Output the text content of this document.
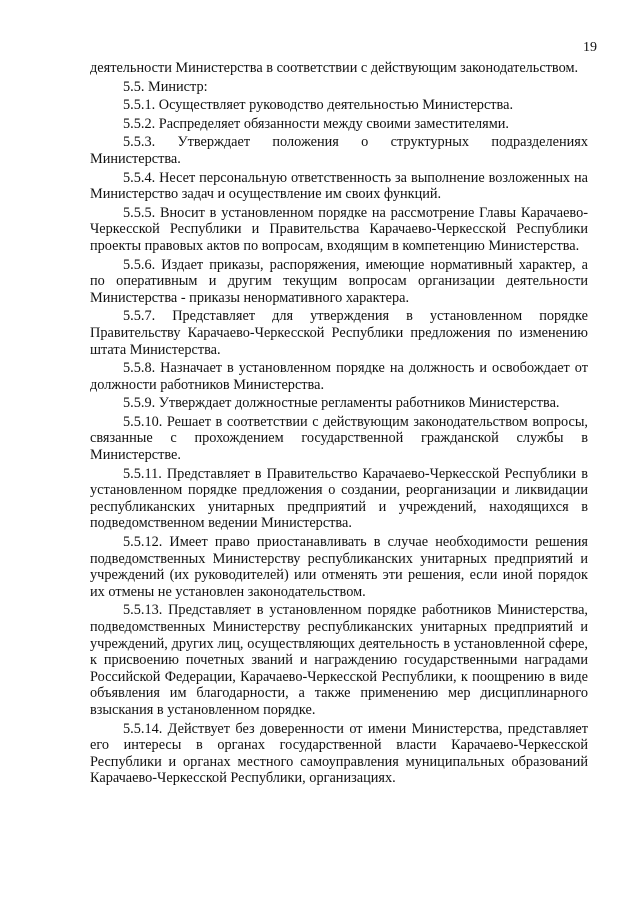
19

деятельности Министерства в соответствии с действующим законодательством.

5.5. Министр:

5.5.1. Осуществляет руководство деятельностью Министерства.

5.5.2. Распределяет обязанности между своими заместителями.

5.5.3. Утверждает положения о структурных подразделениях Министерства.

5.5.4. Несет персональную ответственность за выполнение возложенных на Министерство задач и осуществление им своих функций.

5.5.5. Вносит в установленном порядке на рассмотрение Главы Карачаево-Черкесской Республики и Правительства Карачаево-Черкесской Республики проекты правовых актов по вопросам, входящим в компетенцию Министерства.

5.5.6. Издает приказы, распоряжения, имеющие нормативный характер, а по оперативным и другим текущим вопросам организации деятельности Министерства - приказы ненормативного характера.

5.5.7. Представляет для утверждения в установленном порядке Правительству Карачаево-Черкесской Республики предложения по изменению штата Министерства.

5.5.8. Назначает в установленном порядке на должность и освобождает от должности работников Министерства.

5.5.9. Утверждает должностные регламенты работников Министерства.

5.5.10. Решает в соответствии с действующим законодательством вопросы, связанные с прохождением государственной гражданской службы в Министерстве.

5.5.11. Представляет в Правительство Карачаево-Черкесской Республики в установленном порядке предложения о создании, реорганизации и ликвидации республиканских унитарных предприятий и учреждений, находящихся в подведомственном ведении Министерства.

5.5.12. Имеет право приостанавливать в случае необходимости решения подведомственных Министерству республиканских унитарных предприятий и учреждений (их руководителей) или отменять эти решения, если иной порядок их отмены не установлен законодательством.

5.5.13. Представляет в установленном порядке работников Министерства, подведомственных Министерству республиканских унитарных предприятий и учреждений, других лиц, осуществляющих деятельность в установленной сфере, к присвоению почетных званий и награждению государственными наградами Российской Федерации, Карачаево-Черкесской Республики, к поощрению в виде объявления им благодарности, а также применению мер дисциплинарного взыскания в установленном порядке.

5.5.14. Действует без доверенности от имени Министерства, представляет его интересы в органах государственной власти Карачаево-Черкесской Республики и органах местного самоуправления муниципальных образований Карачаево-Черкесской Республики, организациях.
